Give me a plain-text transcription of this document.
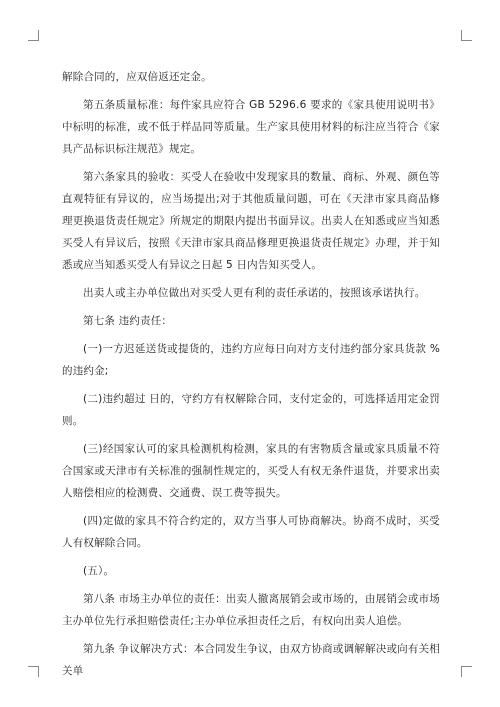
解除合同的，应双倍返还定金。

第五条质量标准：每件家具应符合 GB 5296.6 要求的《家具使用说明书》中标明的标准，或不低于样品同等质量。生产家具使用材料的标注应当符合《家具产品标识标注规范》规定。

第六条家具的验收：买受人在验收中发现家具的数量、商标、外观、颜色等直观特征有异议的，应当场提出;对于其他质量问题，可在《天津市家具商品修理更换退货责任规定》所规定的期限内提出书面异议。出卖人在知悉或应当知悉买受人有异议后，按照《天津市家具商品修理更换退货责任规定》办理，并于知悉或应当知悉买受人有异议之日起 5 日内告知买受人。

出卖人或主办单位做出对买受人更有利的责任承诺的，按照该承诺执行。

第七条 违约责任：

(一)一方迟延送货或提货的，违约方应每日向对方支付违约部分家具货款 %的违约金;

(二)违约超过 日的，守约方有权解除合同，支付定金的，可选择适用定金罚则。

(三)经国家认可的家具检测机构检测，家具的有害物质含量或家具质量不符合国家或天津市有关标准的强制性规定的，买受人有权无条件退货，并要求出卖人赔偿相应的检测费、交通费、误工费等损失。

(四)定做的家具不符合约定的，双方当事人可协商解决。协商不成时，买受人有权解除合同。

(五）。

第八条 市场主办单位的责任：出卖人撤离展销会或市场的，由展销会或市场主办单位先行承担赔偿责任;主办单位承担责任之后，有权向出卖人追偿。

第九条 争议解决方式：本合同发生争议，由双方协商或调解解决或向有关相关单
